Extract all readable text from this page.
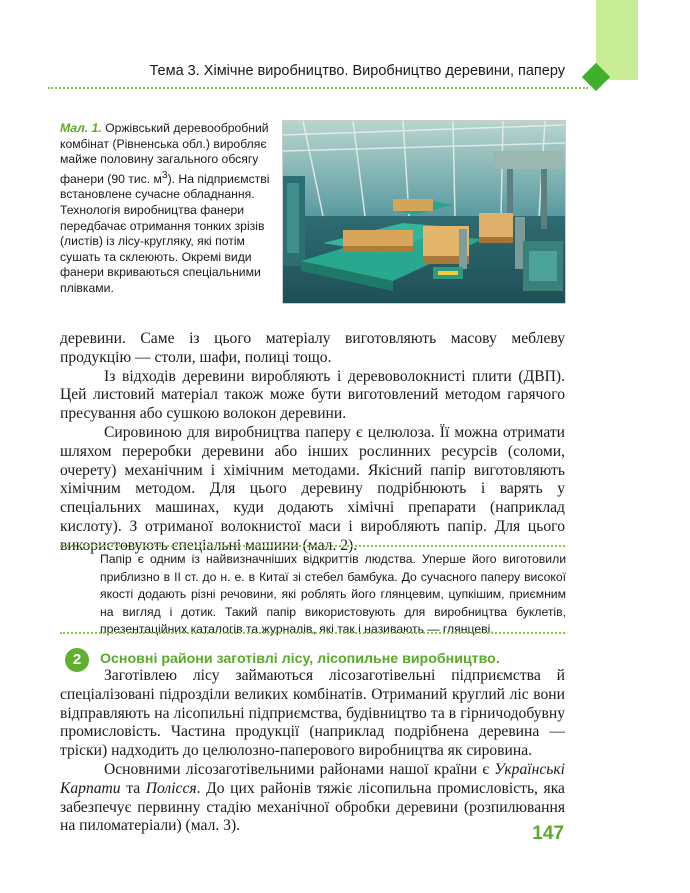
Тема 3. Хімічне виробництво. Виробництво деревини, паперу
Мал. 1. Оржівський деревообробний комбінат (Рівненська обл.) виробляє майже половину загального обсягу фанери (90 тис. $м^3$). На підприємстві встановлене сучасне обладнання. Технологія виробництва фанери передбачає отримання тонких зрізів (листів) із лісу-кругляку, які потім сушать та склеюють. Окремі види фанери вкриваються спеціальними плівками.

деревини. Саме із цього матеріалу виготовляють масову меблеву продукцію — столи, шафи, полиці тощо.

Із відходів деревини виробляють і деревоволокнисті плити (ДВП). Цей листовий матеріал також може бути виготовлений методом гарячого пресування або сушкою волокон деревини.

Сировиною для виробництва паперу є целюлоза. Її можна отримати шляхом переробки деревини або інших рослинних ресурсів (соломи, очерету) механічним і хімічним методами. Якісний папір виготовляють хімічним методом. Для цього деревину подрібнюють і варять у спеціальних машинах, куди додають хімічні препарати (наприклад кислоту). З отриманої волокнистої маси і виробляють папір. Для цього використовують спеціальні машини (мал. 2).

Папір є одним із найвизначніших відкриттів людства. Уперше його виготовили приблизно в ІІ ст. до н. е. в Китаї зі стебел бамбука. До сучасного паперу високої якості додають різні речовини, які роблять його глянцевим, цупкішим, приємним на вигляд і дотик. Такий папір використовують для виробництва буклетів, презентаційних каталогів та журналів, які так і називають — глянцеві.
2	Основні райони заготівлі лісу, лісопильне виробництво.

Заготівлею лісу займаються лісозаготівельні підприємства й спеціалізовані підрозділи великих комбінатів. Отриманий круглий ліс вони відправляють на лісопильні підприємства, будівництво та в гірничодобувну промисловість. Частина продукції (наприклад подрібнена деревина — тріски) надходить до целюлозно-паперового виробництва як сировина.

Основними лісозаготівельними районами нашої країни є Українські Карпати та Полісся. До цих районів тяжіє лісопильна промисловість, яка забезпечує первинну стадію механічної обробки деревини (розпилювання на пиломатеріали) (мал. 3).	147
